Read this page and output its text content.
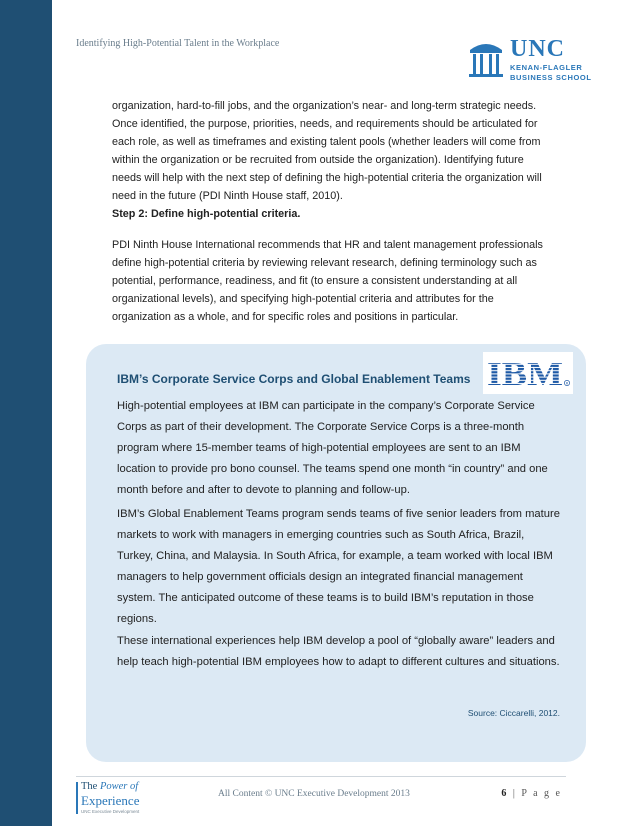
Identifying High-Potential Talent in the Workplace	UNC
KENAN-FLAGLER
BUSINESS SCHOOL
organization, hard-to-fill jobs, and the organization’s near- and long-term strategic needs. Once identified, the purpose, priorities, needs, and requirements should be articulated for each role, as well as timeframes and existing talent pools (whether leaders will come from within the organization or be recruited from outside the organization). Identifying future needs will help with the next step of defining the high-potential criteria the organization will need in the future (PDI Ninth House staff, 2010).
Step 2: Define high-potential criteria.
PDI Ninth House International recommends that HR and talent management professionals define high-potential criteria by reviewing relevant research, defining terminology such as potential, performance, readiness, and fit (to ensure a consistent understanding at all organizational levels), and specifying high-potential criteria and attributes for the organization as a whole, and for specific roles and positions in particular.
IBM’s Corporate Service Corps and Global Enablement Teams IBM R
High-potential employees at IBM can participate in the company’s Corporate Service Corps as part of their development. The Corporate Service Corps is a three-month program where 15-member teams of high-potential employees are sent to an IBM location to provide pro bono counsel. The teams spend one month “in country” and one month before and after to devote to planning and follow-up.
IBM’s Global Enablement Teams program sends teams of five senior leaders from mature markets to work with managers in emerging countries such as South Africa, Brazil, Turkey, China, and Malaysia. In South Africa, for example, a team worked with local IBM managers to help government officials design an integrated financial management system. The anticipated outcome of these teams is to build IBM’s reputation in those regions.
These international experiences help IBM develop a pool of “globally aware” leaders and help teach high-potential IBM employees how to adapt to different cultures and situations.
Source: Ciccarelli, 2012.
The Power of
Experience
UNC Executive Development
All Content © UNC Executive Development 2013	6 | P a g e
